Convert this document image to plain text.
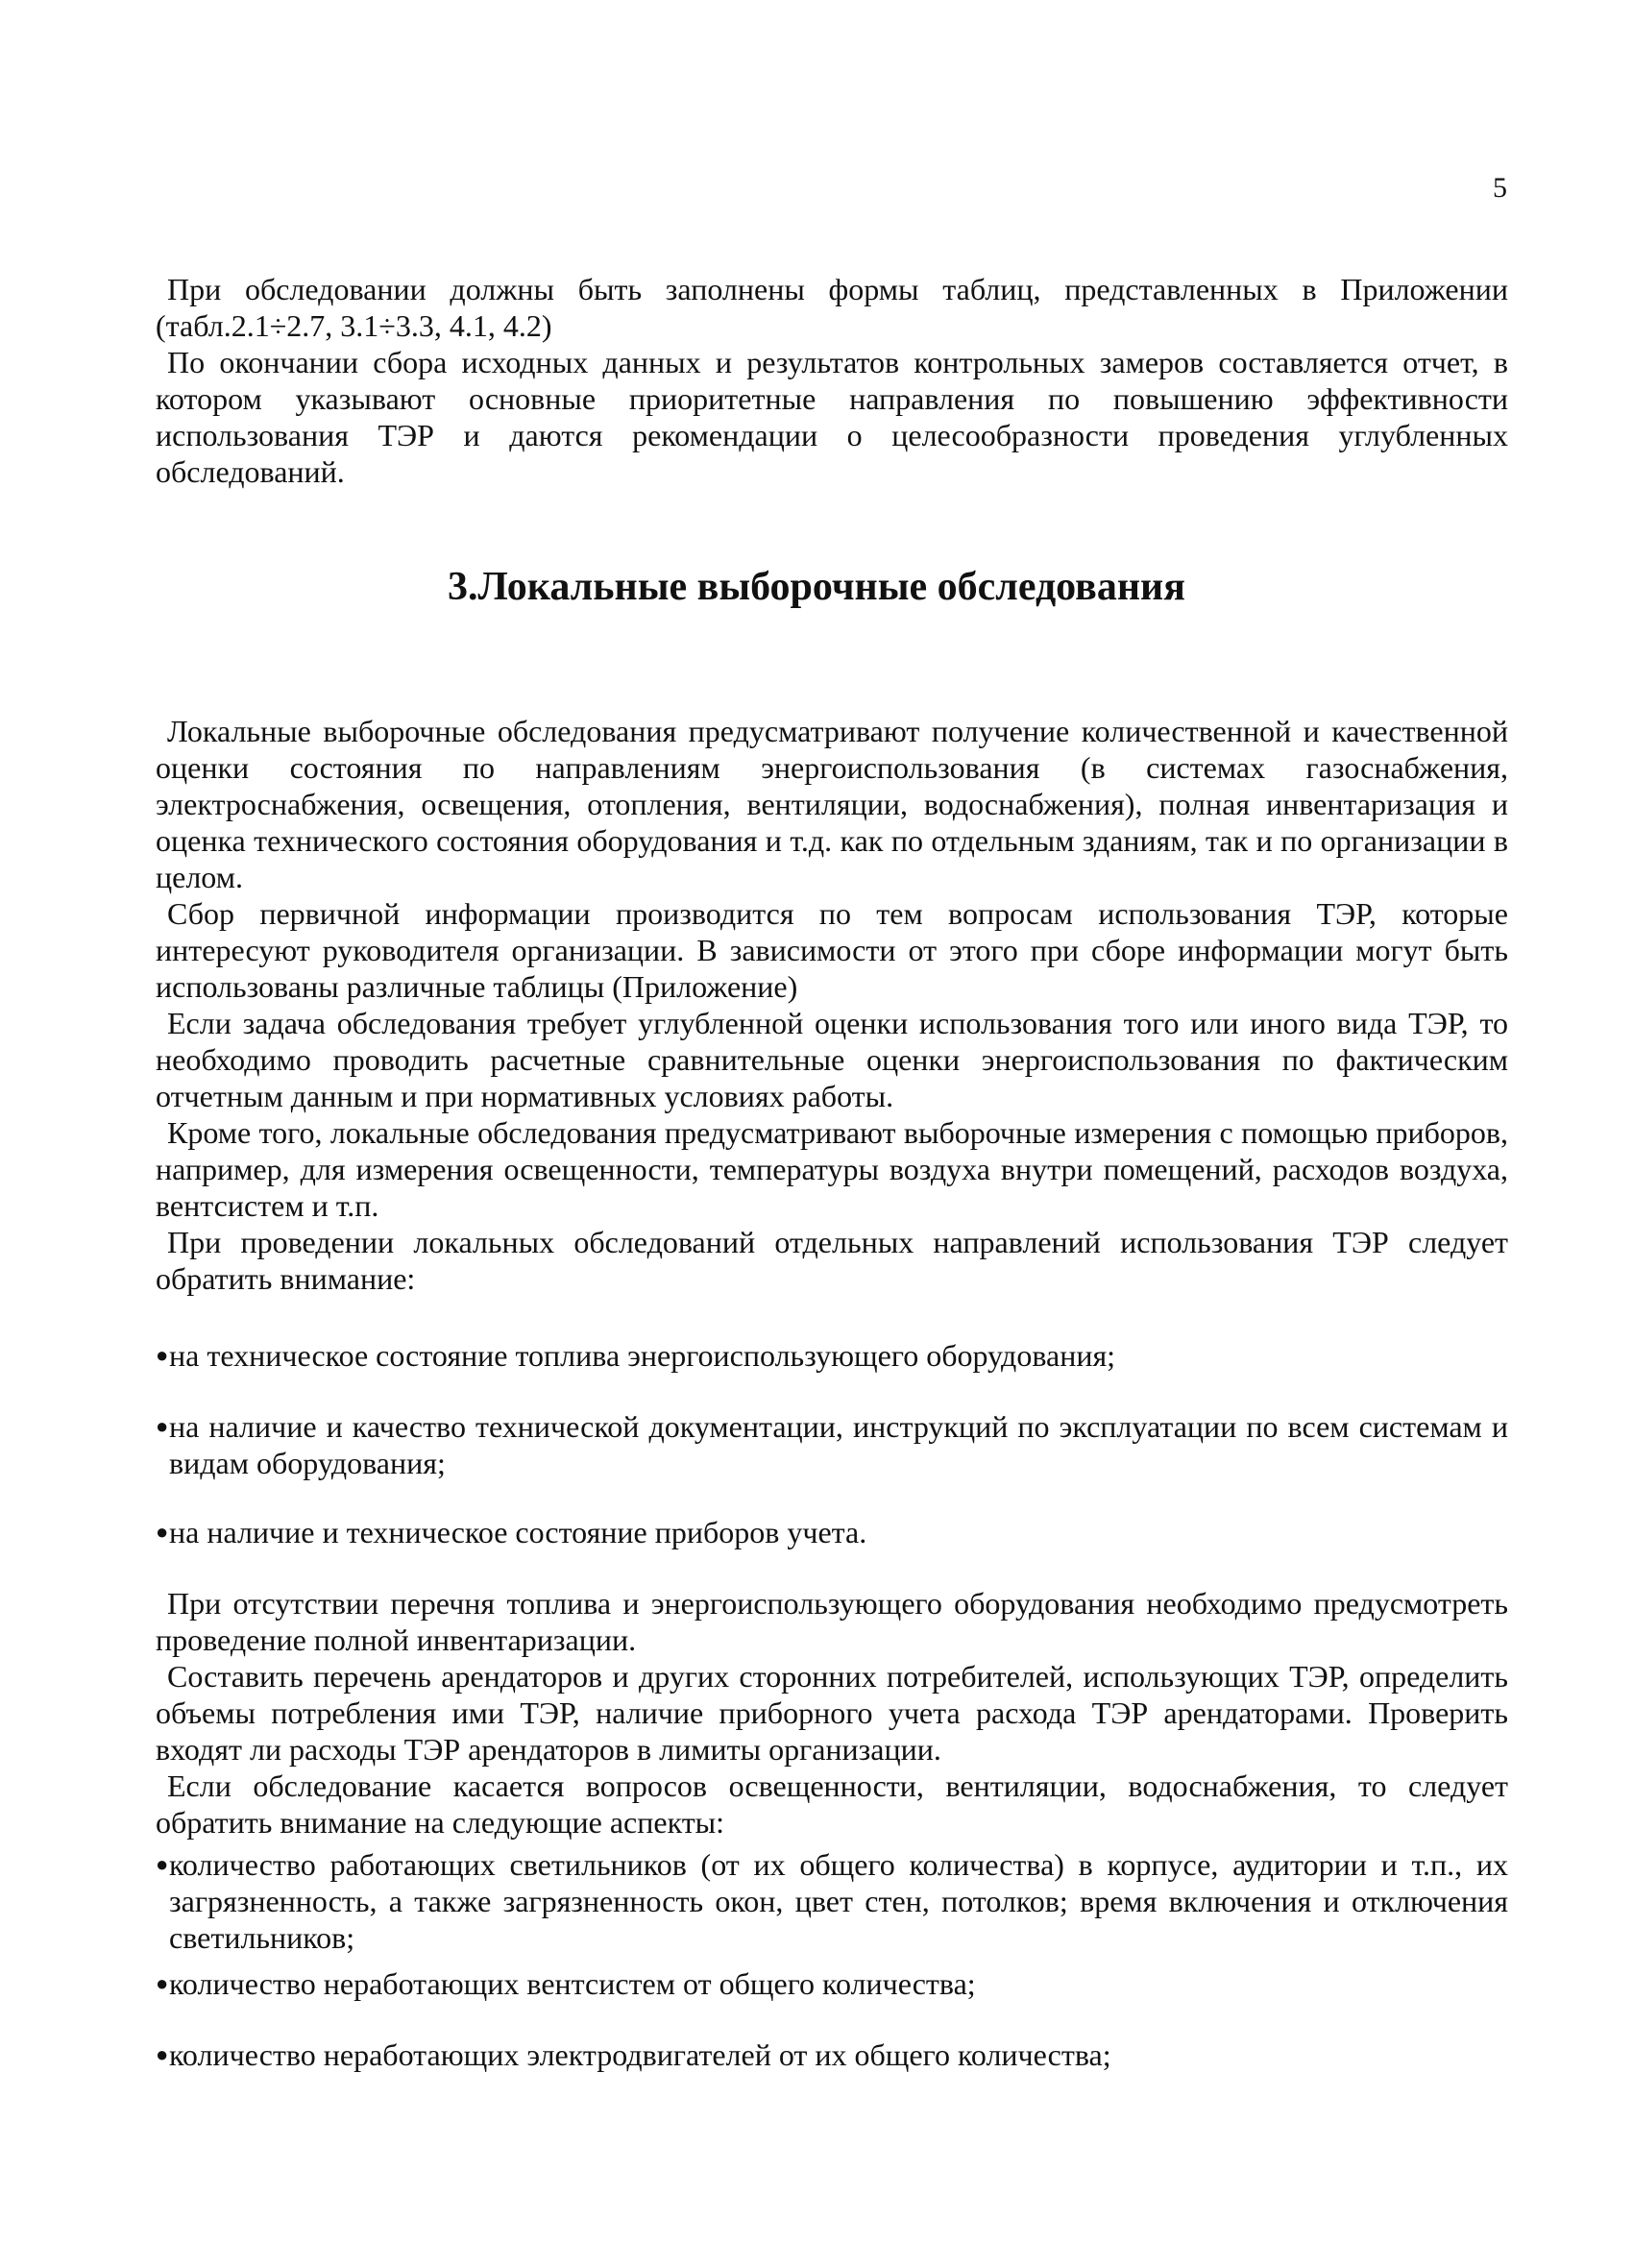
5

При обследовании должны быть заполнены формы таблиц, представленных в Приложении (табл.2.1÷2.7, 3.1÷3.3, 4.1, 4.2)

По окончании сбора исходных данных и результатов контрольных замеров составляется отчет, в котором указывают основные приоритетные направления по повышению эффективности использования ТЭР и даются рекомендации о целесообразности проведения углубленных обследований.

3.Локальные выборочные обследования

Локальные выборочные обследования предусматривают получение количественной и качественной оценки состояния по направлениям энергоиспользования (в системах газоснабжения, электроснабжения, освещения, отопления, вентиляции, водоснабжения), полная инвентаризация и оценка технического состояния оборудования и т.д. как по отдельным зданиям, так и по организации в целом.

Сбор первичной информации производится по тем вопросам использования ТЭР, которые интересуют руководителя организации. В зависимости от этого при сборе информации могут быть использованы различные таблицы (Приложение)

Если задача обследования требует углубленной оценки использования того или иного вида ТЭР, то необходимо проводить расчетные сравнительные оценки энергоиспользования по фактическим отчетным данным и при нормативных условиях работы.

Кроме того, локальные обследования предусматривают выборочные измерения с помощью приборов, например, для измерения освещенности, температуры воздуха внутри помещений, расходов воздуха, вентсистем и т.п.

При проведении локальных обследований отдельных направлений использования ТЭР следует обратить внимание:

● на техническое состояние топлива энергоиспользующего оборудования;
● на наличие и качество технической документации, инструкций по эксплуатации по всем системам и видам оборудования;
● на наличие и техническое состояние приборов учета.

При отсутствии перечня топлива и энергоиспользующего оборудования необходимо предусмотреть проведение полной инвентаризации.

Составить перечень арендаторов и других сторонних потребителей, использующих ТЭР, определить объемы потребления ими ТЭР, наличие приборного учета расхода ТЭР арендаторами. Проверить входят ли расходы ТЭР арендаторов в лимиты организации.

Если обследование касается вопросов освещенности, вентиляции, водоснабжения, то следует обратить внимание на следующие аспекты:

● количество работающих светильников (от их общего количества) в корпусе, аудитории и т.п., их загрязненность, а также загрязненность окон, цвет стен, потолков; время включения и отключения светильников;
● количество неработающих вентсистем от общего количества;
● количество неработающих электродвигателей от их общего количества;
